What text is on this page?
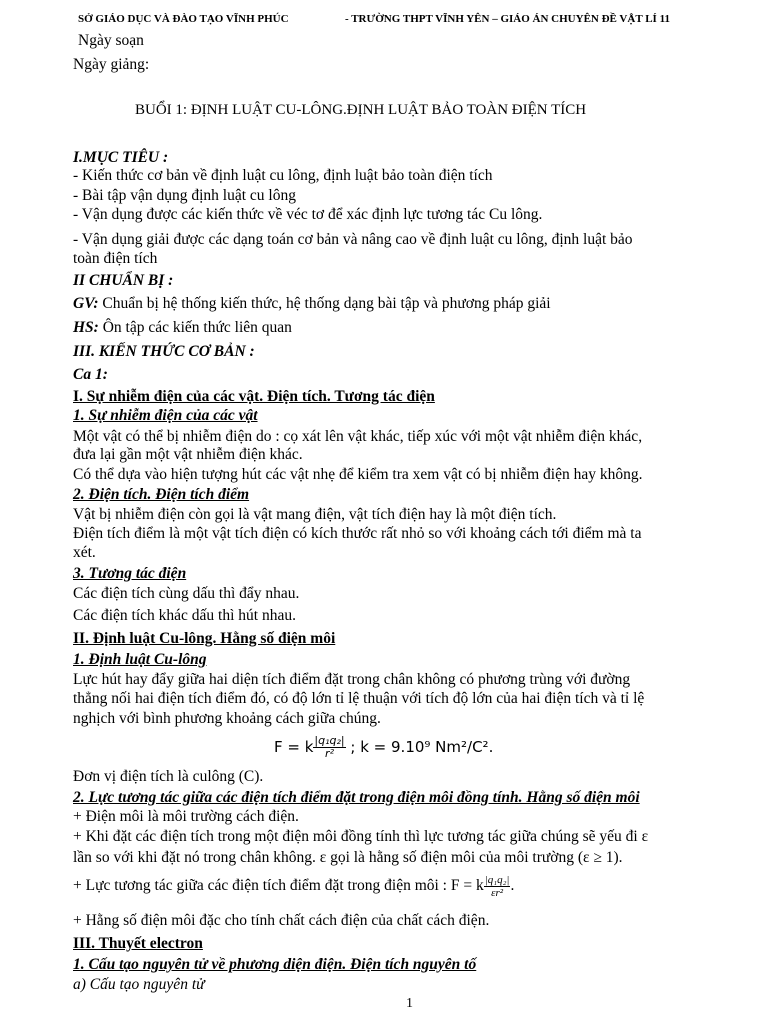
SỞ GIÁO DỤC VÀ ĐÀO TẠO VĨNH PHÚC	- TRƯỜNG THPT VĨNH YÊN – GIÁO ÁN CHUYÊN ĐỀ VẬT LÍ 11
Ngày soạn
Ngày giảng:
BUỔI 1: ĐỊNH LUẬT CU-LÔNG.ĐỊNH LUẬT BẢO TOÀN ĐIỆN TÍCH
I.MỤC TIÊU :
- Kiến thức cơ bản về định luật cu lông, định luật bảo toàn điện tích
- Bài tập vận dụng định luật cu lông
- Vận dụng được các kiến thức về véc tơ để xác định lực tương tác Cu lông.
- Vận dụng giải được các dạng toán cơ bản và nâng cao về định luật cu lông, định luật bảo
toàn điện tích
II CHUẨN BỊ :
GV: Chuẩn bị hệ thống kiến thức, hệ thống dạng bài tập và phương pháp giải
HS: Ôn tập các kiến thức liên quan
III. KIẾN THỨC CƠ BẢN :
Ca 1:
I. Sự nhiễm điện của các vật. Điện tích. Tương tác điện
1. Sự nhiễm điện của các vật
Một vật có thể bị nhiễm điện do : cọ xát lên vật khác, tiếp xúc với một vật nhiễm điện khác,
đưa lại gần một vật nhiễm điện khác.
Có thể dựa vào hiện tượng hút các vật nhẹ để kiểm tra xem vật có bị nhiễm điện hay không.
2. Điện tích. Điện tích điểm
Vật bị nhiễm điện còn gọi là vật mang điện, vật tích điện hay là một điện tích.
Điện tích điểm là một vật tích điện có kích thước rất nhỏ so với khoảng cách tới điểm mà ta
xét.
3. Tương tác điện
Các điện tích cùng dấu thì đẩy nhau.
Các điện tích khác dấu thì hút nhau.
II. Định luật Cu-lông. Hằng số điện môi
1. Định luật Cu-lông
Lực hút hay đẩy giữa hai diện tích điểm đặt trong chân không có phương trùng với đường
thẳng nối hai điện tích điểm đó, có độ lớn tỉ lệ thuận với tích độ lớn của hai điện tích và tỉ lệ
nghịch với bình phương khoảng cách giữa chúng.
F = k $\frac{\text{|q₁q₂|}}{\text{r²}}$ ; k = 9.10⁹ Nm²/C².
Đơn vị điện tích là culông (C).
2. Lực tương tác giữa các điện tích điểm đặt trong điện môi đồng tính. Hằng số điện môi
+ Điện môi là môi trường cách điện.
+ Khi đặt các điện tích trong một điện môi đồng tính thì lực tương tác giữa chúng sẽ yếu đi ε
lần so với khi đặt nó trong chân không. ε gọi là hằng số điện môi của môi trường (ε ≥ 1).
+ Lực tương tác giữa các điện tích điểm đặt trong điện môi : F = k $\frac{\text{|q₁q₂|}}{\text{εr²}}$ .
+ Hằng số điện môi đặc cho tính chất cách điện của chất cách điện.
III. Thuyết electron
1. Cấu tạo nguyên tử về phương diện điện. Điện tích nguyên tố
a) Cấu tạo nguyên tử
1
